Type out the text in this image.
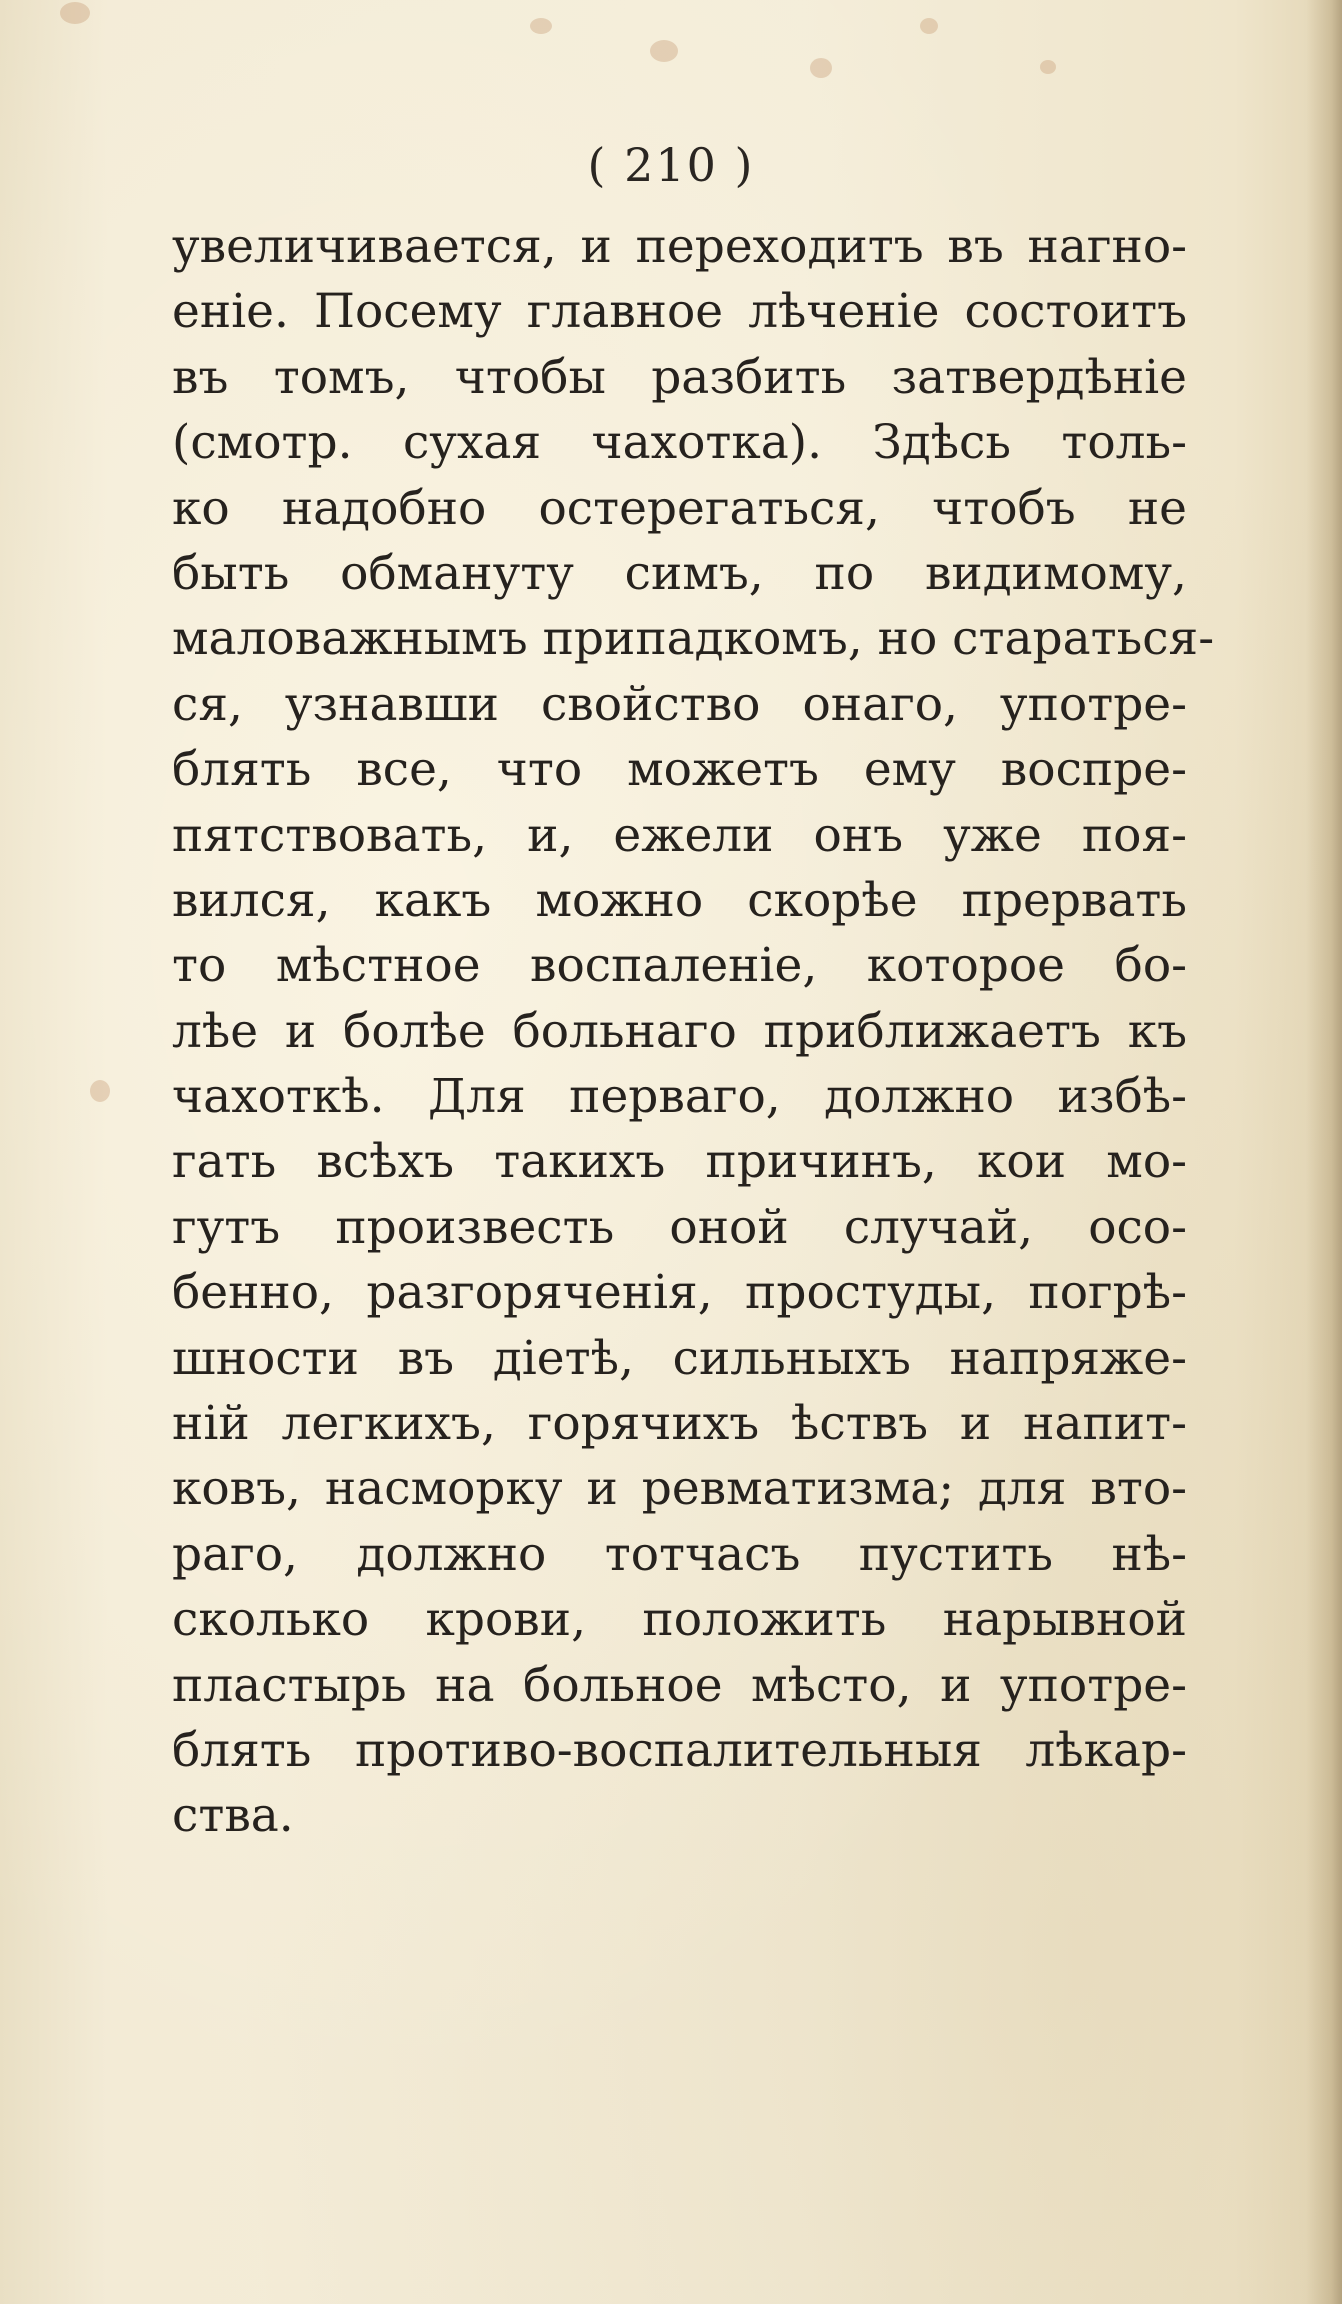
( 210 )
увеличивается, и переходитъ въ нагно-
еніе. Посему главное лѣченіе состоитъ
въ томъ, чтобы разбить затвердѣніе
(смотр. сухая чахотка). Здѣсь толь-
ко надобно остерегаться, чтобъ не
быть обмануту симъ, по видимому,
маловажнымъ припадкомъ, но стараться-
ся, узнавши свойство онаго, употре-
блять все, что можетъ ему воспре-
пятствовать, и, ежели онъ уже поя-
вился, какъ можно скорѣе прервать
то мѣстное воспаленіе, которое бо-
лѣе и болѣе больнаго приближаетъ къ
чахоткѣ. Для перваго, должно избѣ-
гать всѣхъ такихъ причинъ, кои мо-
гутъ произвесть оной случай, осо-
бенно, разгоряченія, простуды, погрѣ-
шности въ діетѣ, сильныхъ напряже-
ній легкихъ, горячихъ ѣствъ и напит-
ковъ, насморку и ревматизма; для вто-
раго, должно тотчасъ пустить нѣ-
сколько крови, положить нарывной
пластырь на больное мѣсто, и употре-
блять противо-воспалительныя лѣкар-
ства.
